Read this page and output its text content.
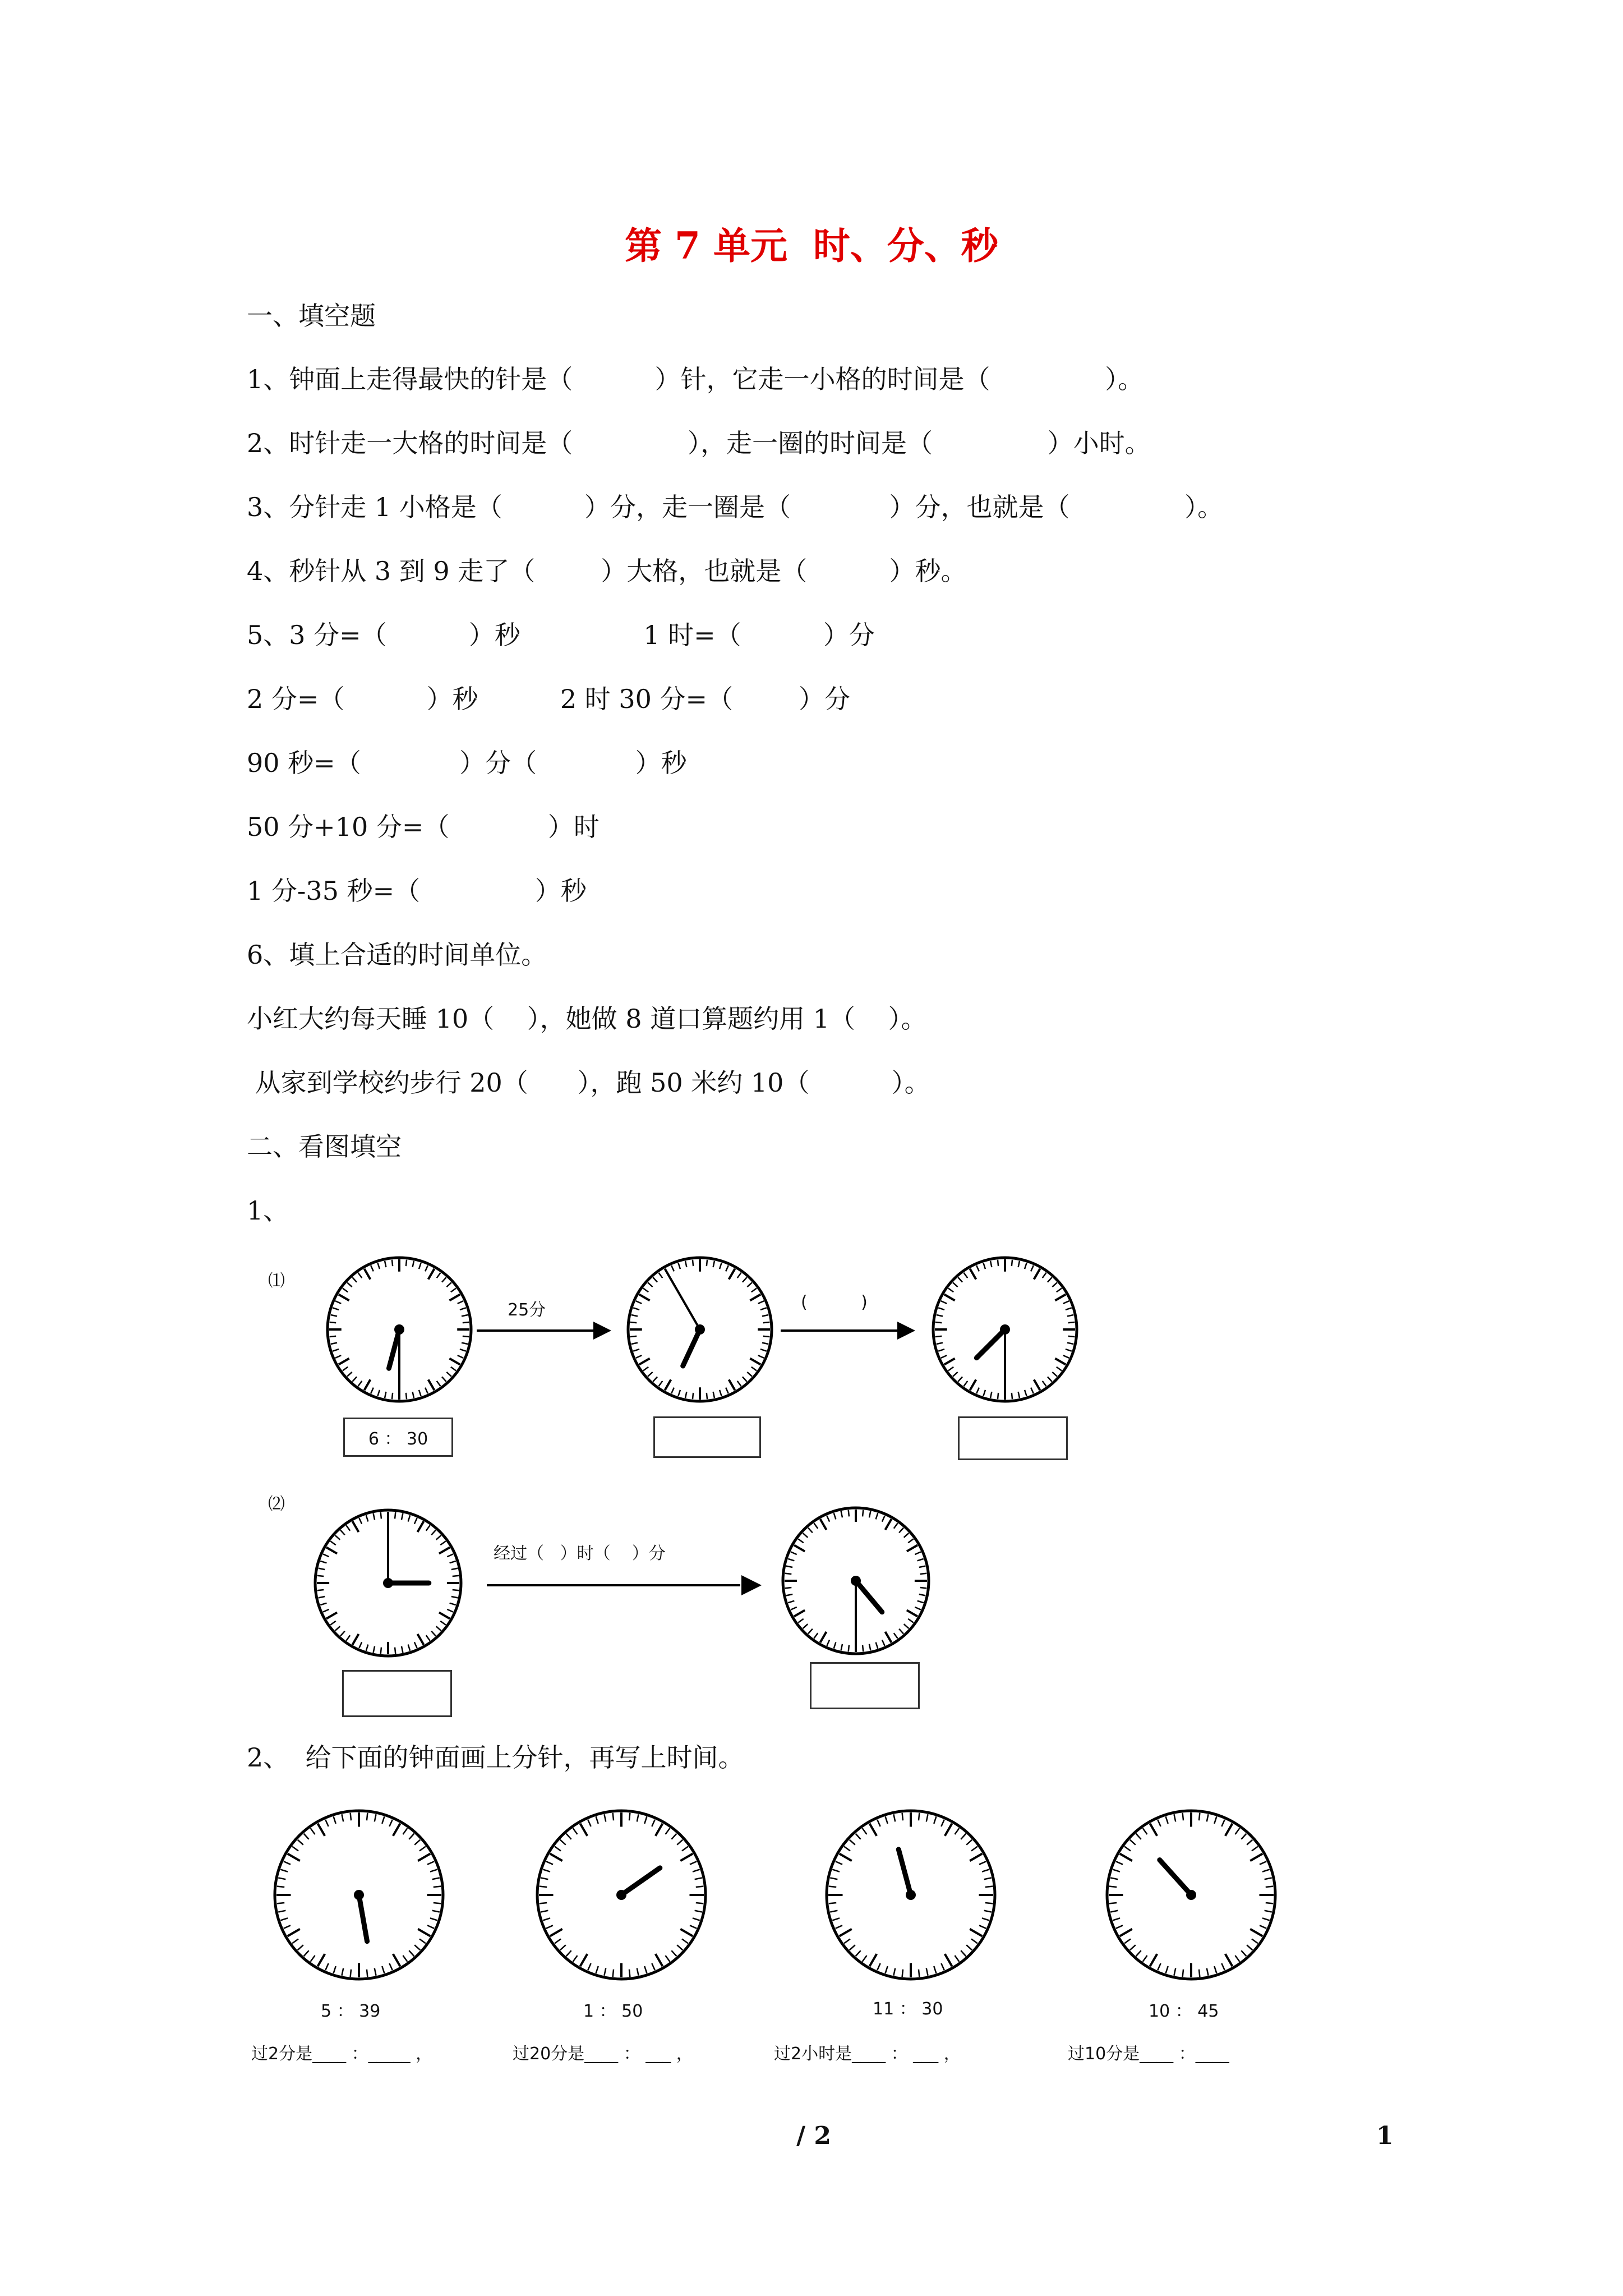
第 7 单元  时、分、秒
一、填空题
1、钟面上走得最快的针是（          ）针，它走一小格的时间是（              ）。
2、时针走一大格的时间是（              ），走一圈的时间是（              ）小时。
3、分针走 1 小格是（          ）分，走一圈是（            ）分，也就是（              ）。
4、秒针从 3 到 9 走了（        ）大格，也就是（          ）秒。
5、3 分=（          ）秒               1 时=（          ）分
2 分=（          ）秒          2 时 30 分=（        ）分
90 秒=（            ）分（            ）秒
50 分+10 分=（            ）时
1 分-35 秒=（              ）秒
6、填上合适的时间单位。
小红大约每天睡 10（    ），她做 8 道口算题约用 1（    ）。
从家到学校约步行 20（      ），跑 50 米约 10（          ）。
二、看图填空
1、
⑴
25分	(          )
6 ： 30
⑵
经过（   ）时（    ）分
2、  给下面的钟面画上分针，再写上时间。
5 ： 39	1 ： 50	11 ： 30	10 ： 45
过2分是____ ：_____ ，	过20分是____ ： ___ ，	过2小时是____ ： ___ ，	过10分是____ ：____
/ 2	1
